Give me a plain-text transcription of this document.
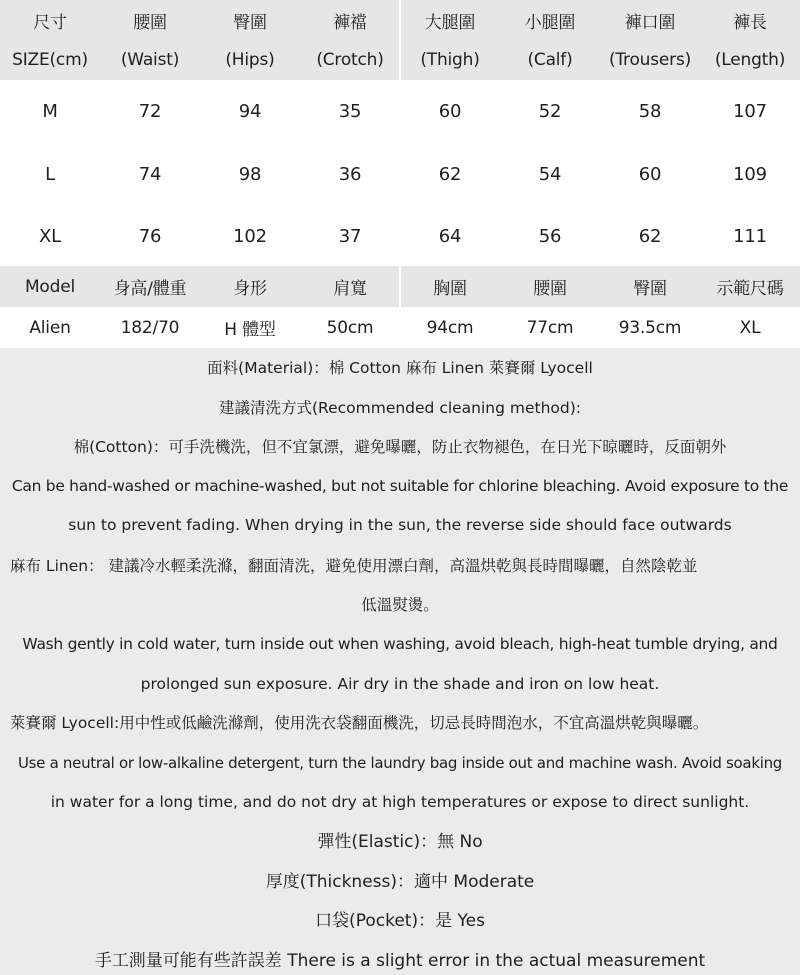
尺寸	腰圍	臀圍	褲襠	大腿圍	小腿圍	褲口圍	褲長
SIZE(cm)	(Waist)	(Hips)	(Crotch)	(Thigh)	(Calf)	(Trousers)	(Length)
M	72	94	35	60	52	58	107
L	74	98	36	62	54	60	109
XL	76	102	37	64	56	62	111
Model	身高/體重	身形	肩寬	胸圍	腰圍	臀圍	示範尺碼
Alien	182/70	H 體型	50cm	94cm	77cm	93.5cm	XL
面料(Material)：棉 Cotton 麻布 Linen 萊賽爾 Lyocell
建議清洗方式(Recommended cleaning method):
棉(Cotton)：可手洗機洗，但不宜氯漂，避免曝曬，防止衣物褪色，在日光下晾曬時，反面朝外
Can be hand-washed or machine-washed, but not suitable for chlorine bleaching. Avoid exposure to the
sun to prevent fading. When drying in the sun, the reverse side should face outwards
麻布 Linen： 建議冷水輕柔洗滌，翻面清洗，避免使用漂白劑，高溫烘乾與長時間曝曬，自然陰乾並
低溫熨燙。
Wash gently in cold water, turn inside out when washing, avoid bleach, high-heat tumble drying, and
prolonged sun exposure. Air dry in the shade and iron on low heat.
萊賽爾 Lyocell:用中性或低鹼洗滌劑，使用洗衣袋翻面機洗，切忌長時間泡水，不宜高溫烘乾與曝曬。
Use a neutral or low-alkaline detergent, turn the laundry bag inside out and machine wash. Avoid soaking
in water for a long time, and do not dry at high temperatures or expose to direct sunlight.
彈性(Elastic)：無 No
厚度(Thickness)：適中 Moderate
口袋(Pocket)：是 Yes
手工測量可能有些許誤差 There is a slight error in the actual measurement
